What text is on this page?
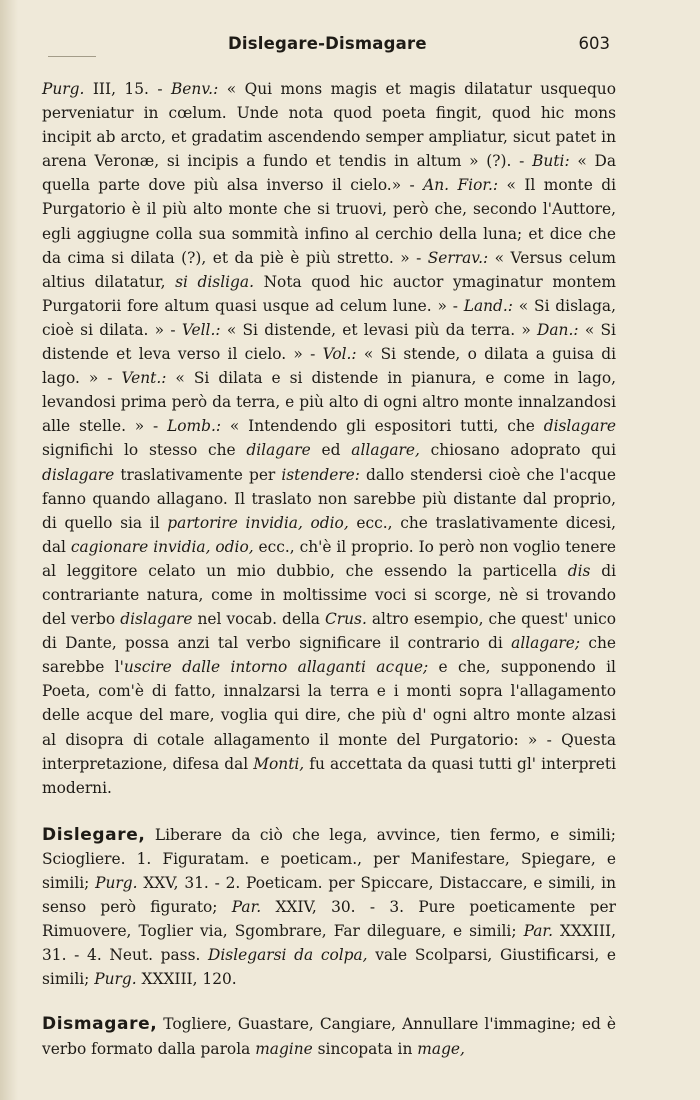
Dislegare-Dismagare	603

Purg. III, 15. - Benv.: « Qui mons magis et magis dilatatur usquequo perveniatur in cœlum. Unde nota quod poeta fingit, quod hic mons incipit ab arcto, et gradatim ascendendo semper ampliatur, sicut patet in arena Veronæ, si incipis a fundo et tendis in altum » (?). - Buti: « Da quella parte dove più alsa inverso il cielo.» - An. Fior.: « Il monte di Purgatorio è il più alto monte che si truovi, però che, secondo l'Auttore, egli aggiugne colla sua sommità infino al cerchio della luna; et dice che da cima si dilata (?), et da piè è più stretto. » - Serrav.: « Versus celum altius dilatatur, si disliga. Nota quod hic auctor ymaginatur montem Purgatorii fore altum quasi usque ad celum lune. » - Land.: « Si dislaga, cioè si dilata. » - Vell.: « Si distende, et levasi più da terra. » Dan.: « Si distende et leva verso il cielo. » - Vol.: « Si stende, o dilata a guisa di lago. » - Vent.: « Si dilata e si distende in pianura, e come in lago, levandosi prima però da terra, e più alto di ogni altro monte innalzandosi alle stelle. » - Lomb.: « Intendendo gli espositori tutti, che dislagare significhi lo stesso che dilagare ed allagare, chiosano adoprato qui dislagare traslativamente per istendere: dallo stendersi cioè che l'acque fanno quando allagano. Il traslato non sarebbe più distante dal proprio, di quello sia il partorire invidia, odio, ecc., che traslativamente dicesi, dal cagionare invidia, odio, ecc., ch'è il proprio. Io però non voglio tenere al leggitore celato un mio dubbio, che essendo la particella dis di contrariante natura, come in moltissime voci si scorge, nè si trovando del verbo dislagare nel vocab. della Crus. altro esempio, che quest' unico di Dante, possa anzi tal verbo significare il contrario di allagare; che sarebbe l'uscire dalle intorno allaganti acque; e che, supponendo il Poeta, com'è di fatto, innalzarsi la terra e i monti sopra l'allagamento delle acque del mare, voglia qui dire, che più d' ogni altro monte alzasi al disopra di cotale allagamento il monte del Purgatorio: » - Questa interpretazione, difesa dal Monti, fu accettata da quasi tutti gl' interpreti moderni.

Dislegare, Liberare da ciò che lega, avvince, tien fermo, e simili; Sciogliere. 1. Figuratam. e poeticam., per Manifestare, Spiegare, e simili; Purg. XXV, 31. - 2. Poeticam. per Spiccare, Distaccare, e simili, in senso però figurato; Par. XXIV, 30. - 3. Pure poeticamente per Rimuovere, Toglier via, Sgombrare, Far dileguare, e simili; Par. XXXIII, 31. - 4. Neut. pass. Dislegarsi da colpa, vale Scolparsi, Giustificarsi, e simili; Purg. XXXIII, 120.

Dismagare, Togliere, Guastare, Cangiare, Annullare l'immagine; ed è verbo formato dalla parola magine sincopata in mage,
